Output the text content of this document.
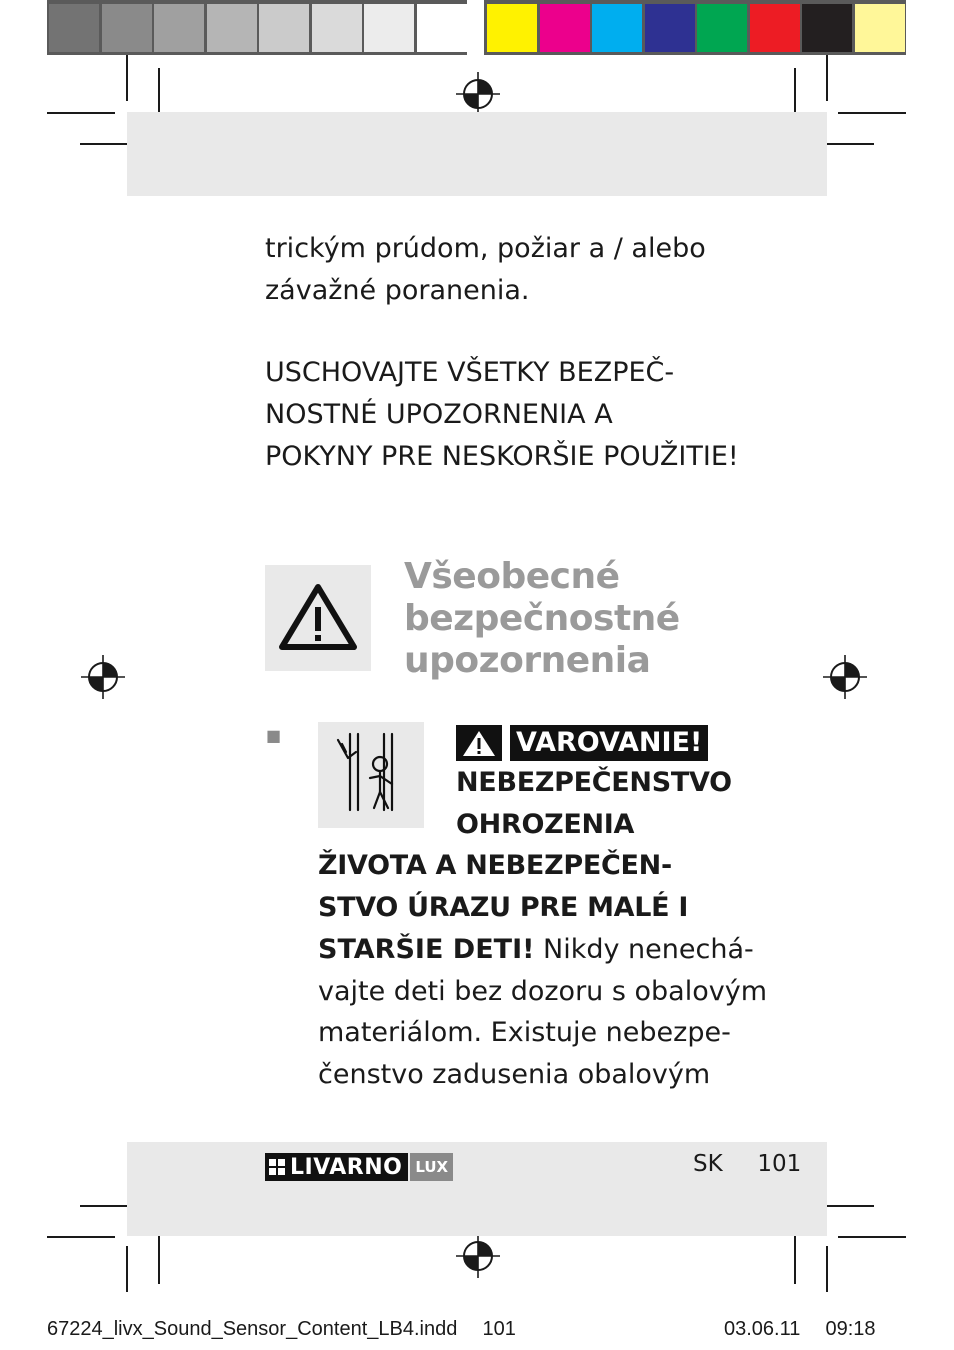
trickým prúdom, požiar a / alebo
závažné poranenia.
USCHOVAJTE VŠETKY BEZPEČ-
NOSTNÉ UPOZORNENIA A
POKYNY PRE NESKORŠIE POUŽITIE!
Všeobecné
bezpečnostné
upozornenia
■	VAROVANIE!
NEBEZPEČENSTVO
OHROZENIA
ŽIVOTA A NEBEZPEČEN-
STVO ÚRAZU PRE MALÉ I
STARŠIE DETI! Nikdy nenechá-
vajte deti bez dozoru s obalovým
materiálom. Existuje nebezpe-
čenstvo zadusenia obalovým
LIVARNO LUX	SK 101
67224_livx_Sound_Sensor_Content_LB4.indd 101	03.06.11 09:18
